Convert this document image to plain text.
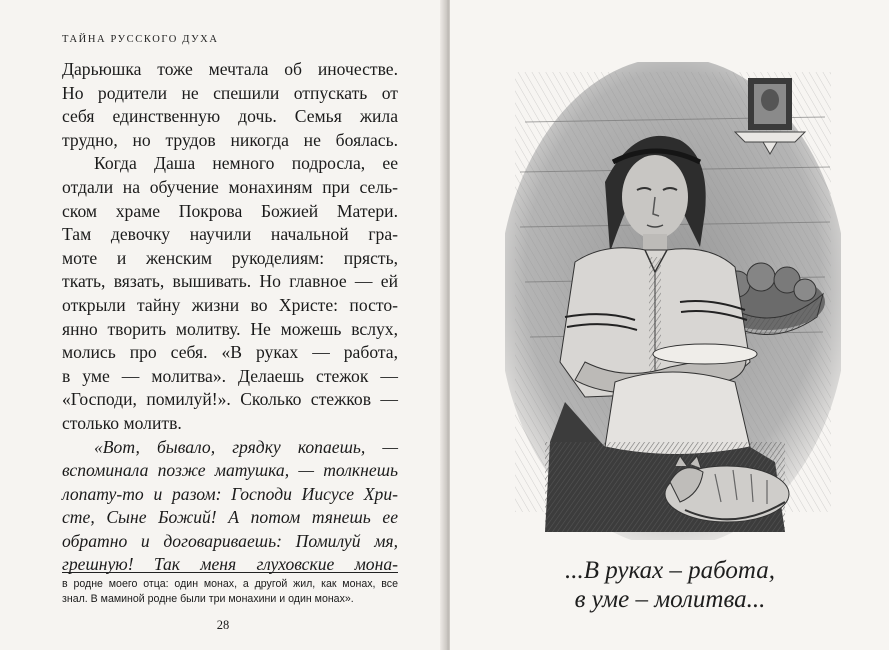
ТАЙНА РУССКОГО ДУХА
Дарьюшка тоже мечтала об иночестве.
Но родители не спешили отпускать от
себя единственную дочь. Семья жила
трудно, но трудов никогда не боялась.
Когда Даша немного подросла, ее
отдали на обучение монахиням при сель-
ском храме Покрова Божией Матери.
Там девочку научили начальной гра-
моте и женским рукоделиям: прясть,
ткать, вязать, вышивать. Но главное — ей
открыли тайну жизни во Христе: посто-
янно творить молитву. Не можешь вслух,
молись про себя. «В руках — работа,
в уме — молитва». Делаешь стежок —
«Господи, помилуй!». Сколько стежков —
столько молитв.
«Вот, бывало, грядку копаешь, —
вспоминала позже матушка, — толкнешь
лопату-то и разом: Господи Иисусе Хри-
сте, Сыне Божий! А потом тянешь ее
обратно и договариваешь: Помилуй мя,
грешную! Так меня глуховские мона-
в родне моего отца: один монах, а другой жил, как монах, все
знал. В маминой родне были три монахини и один монах».
28
...В руках – работа,
в уме – молитва...
